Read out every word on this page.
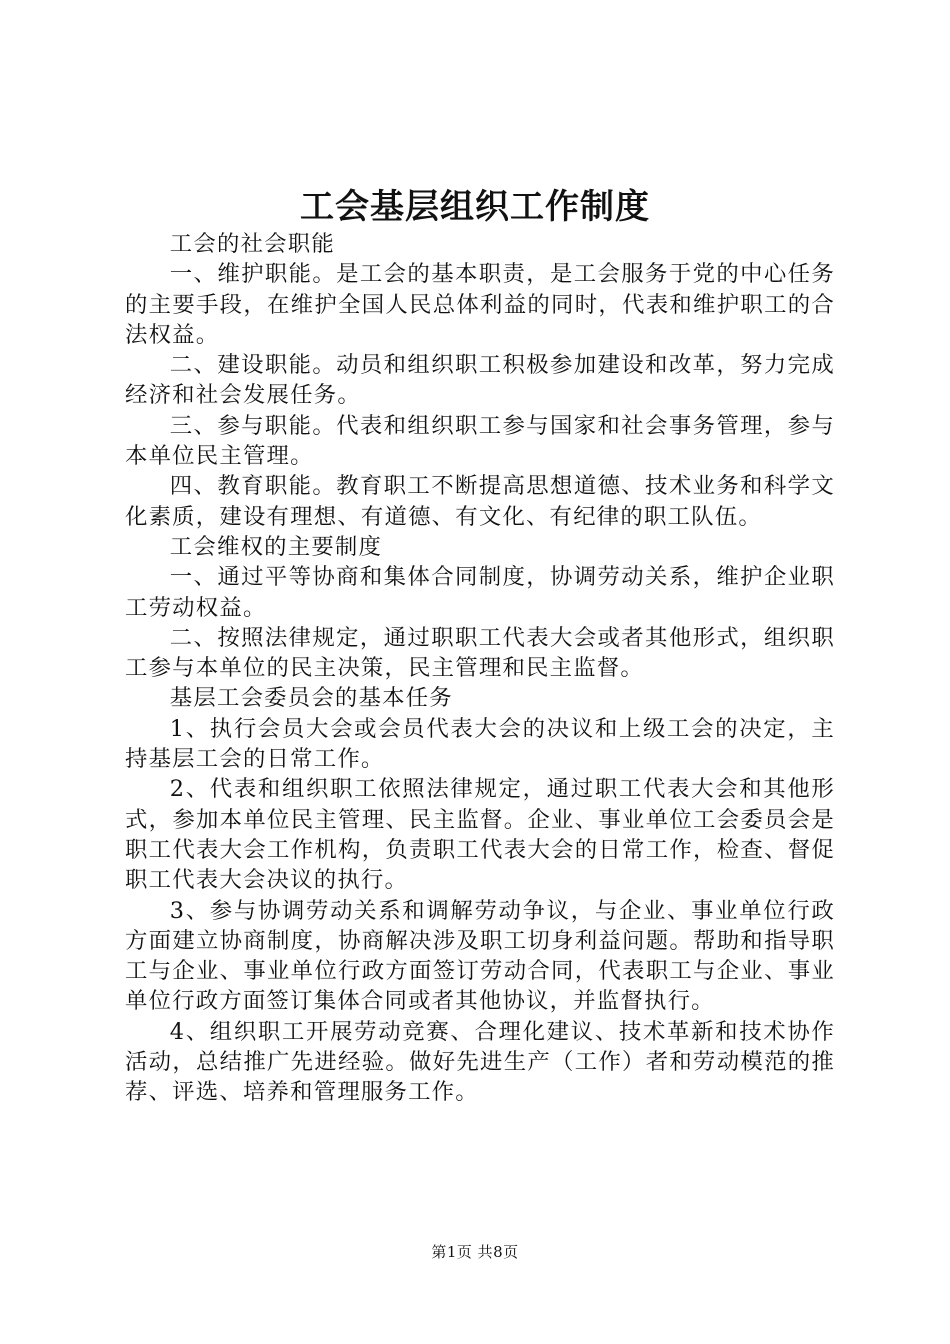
工会基层组织工作制度

工会的社会职能

一、维护职能。是工会的基本职责，是工会服务于党的中心任务的主要手段，在维护全国人民总体利益的同时，代表和维护职工的合法权益。

二、建设职能。动员和组织职工积极参加建设和改革，努力完成经济和社会发展任务。

三、参与职能。代表和组织职工参与国家和社会事务管理，参与本单位民主管理。

四、教育职能。教育职工不断提高思想道德、技术业务和科学文化素质，建设有理想、有道德、有文化、有纪律的职工队伍。

工会维权的主要制度

一、通过平等协商和集体合同制度，协调劳动关系，维护企业职工劳动权益。

二、按照法律规定，通过职职工代表大会或者其他形式，组织职工参与本单位的民主决策，民主管理和民主监督。

基层工会委员会的基本任务

1、执行会员大会或会员代表大会的决议和上级工会的决定，主持基层工会的日常工作。

2、代表和组织职工依照法律规定，通过职工代表大会和其他形式，参加本单位民主管理、民主监督。企业、事业单位工会委员会是职工代表大会工作机构，负责职工代表大会的日常工作，检查、督促职工代表大会决议的执行。

3、参与协调劳动关系和调解劳动争议，与企业、事业单位行政方面建立协商制度，协商解决涉及职工切身利益问题。帮助和指导职工与企业、事业单位行政方面签订劳动合同，代表职工与企业、事业单位行政方面签订集体合同或者其他协议，并监督执行。

4、组织职工开展劳动竞赛、合理化建议、技术革新和技术协作活动，总结推广先进经验。做好先进生产（工作）者和劳动模范的推荐、评选、培养和管理服务工作。

第1页 共8页
